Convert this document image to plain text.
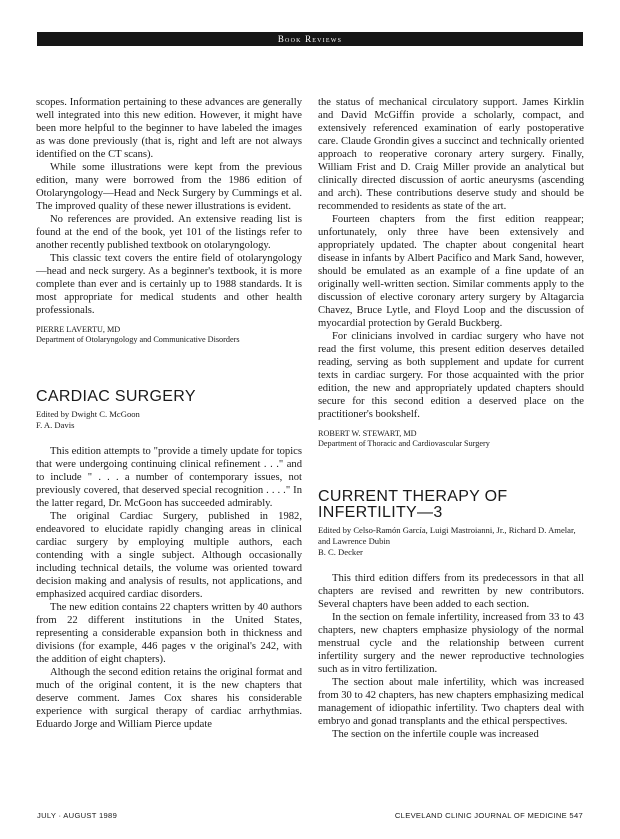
Book Reviews

scopes. Information pertaining to these advances are generally well integrated into this new edition. However, it might have been more helpful to the beginner to have labeled the images as was done previously (that is, right and left are not always identified on the CT scans).

While some illustrations were kept from the previous edition, many were borrowed from the 1986 edition of Otolaryngology—Head and Neck Surgery by Cummings et al. The improved quality of these newer illustrations is evident.

No references are provided. An extensive reading list is found at the end of the book, yet 101 of the listings refer to another recently published textbook on otolaryngology.

This classic text covers the entire field of otolaryngology—head and neck surgery. As a beginner's textbook, it is more complete than ever and is certainly up to 1988 standards. It is most appropriate for medical students and other health professionals.

PIERRE LAVERTU, MD
Department of Otolaryngology and Communicative Disorders
CARDIAC SURGERY
Edited by Dwight C. McGoon
F. A. Davis

This edition attempts to "provide a timely update for topics that were undergoing continuing clinical refinement . . ." and to include " . . . a number of contemporary issues, not previously covered, that deserved special recognition . . . ." In the latter regard, Dr. McGoon has succeeded admirably.

The original Cardiac Surgery, published in 1982, endeavored to elucidate rapidly changing areas in clinical cardiac surgery by employing multiple authors, each contending with a single subject. Although occasionally including technical details, the volume was oriented toward decision making and analysis of results, not applications, and emphasized acquired cardiac disorders.

The new edition contains 22 chapters written by 40 authors from 22 different institutions in the United States, representing a considerable expansion both in thickness and divisions (for example, 446 pages v the original's 242, with the addition of eight chapters).

Although the second edition retains the original format and much of the original content, it is the new chapters that deserve comment. James Cox shares his considerable experience with surgical therapy of cardiac arrhythmias. Eduardo Jorge and William Pierce update

the status of mechanical circulatory support. James Kirklin and David McGiffin provide a scholarly, compact, and extensively referenced examination of early postoperative care. Claude Grondin gives a succinct and technically oriented approach to reoperative coronary artery surgery. Finally, William Frist and D. Craig Miller provide an analytical but clinically directed discussion of aortic aneurysms (ascending and arch). These contributions deserve study and should be recommended to residents as state of the art.

Fourteen chapters from the first edition reappear; unfortunately, only three have been extensively and appropriately updated. The chapter about congenital heart disease in infants by Albert Pacifico and Mark Sand, however, should be emulated as an example of a fine update of an originally well-written section. Similar comments apply to the discussion of elective coronary artery surgery by Altagarcia Chavez, Bruce Lytle, and Floyd Loop and the discussion of myocardial protection by Gerald Buckberg.

For clinicians involved in cardiac surgery who have not read the first volume, this present edition deserves detailed reading, serving as both supplement and update for current texts in cardiac surgery. For those acquainted with the prior edition, the new and appropriately updated chapters should secure for this second edition a deserved place on the practitioner's bookshelf.

ROBERT W. STEWART, MD
Department of Thoracic and Cardiovascular Surgery
CURRENT THERAPY OF INFERTILITY—3
Edited by Celso-Ramón García, Luigi Mastroianni, Jr., Richard D. Amelar, and Lawrence Dubin
B. C. Decker

This third edition differs from its predecessors in that all chapters are revised and rewritten by new contributors. Several chapters have been added to each section.

In the section on female infertility, increased from 33 to 43 chapters, new chapters emphasize physiology of the normal menstrual cycle and the relationship between current infertility surgery and the newer reproductive technologies such as in vitro fertilization.

The section about male infertility, which was increased from 30 to 42 chapters, has new chapters emphasizing medical management of idiopathic infertility. Two chapters deal with embryo and gonad transplants and the ethical perspectives.

The section on the infertile couple was increased

JULY · AUGUST 1989	CLEVELAND CLINIC JOURNAL OF MEDICINE 547
